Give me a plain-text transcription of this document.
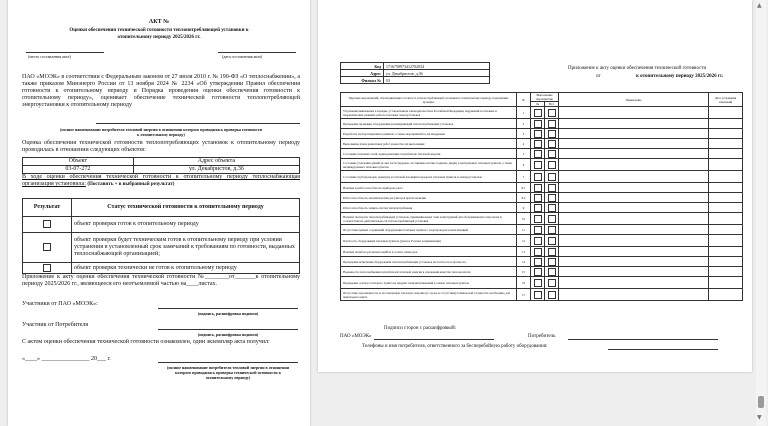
АКТ №
Оценки обеспечения технической готовности теплопотребляющей установки к
отопительному периоду 2025/2026 гг.
(место составления акта)	(дата составления акта)
ПАО «МОЭК» в соответствии с Федеральным законом от 27 июля 2010 г. № 190-ФЗ «О теплоснабжении», а также приказом Минэнерго России от 13 ноября 2024 № 2234 «Об утверждении Правил обеспечения готовности к отопительному периоду и Порядка проведения оценки обеспечения готовности к отопительному периоду», оценивает обеспечение технической готовности теплопотребляющей энергоустановки к отопительному периоду
(полное наименование потребителя тепловой энергии в отношении которого проводилась проверка готовности
к отопительному периоду)
Оценка обеспечения технической готовности теплопотребляющих установок к отопительному периоду проводилась в отношении следующих объектов:
Объект	Адрес объекта
03-07-272	ул. Декабристов, д.36
В ходе оценки обеспечения технической готовности к отопительному периоду теплоснабжающая организация установила: (Поставить + в выбранный результат)
Результат	Статус технической готовности к отопительному периоду
	объект проверки готов к отопительному периоду
	объект проверки будет техническим готов к отопительному периоду при условии устранения в установленный срок замечаний к требованиям по готовности, выданных теплоснабжающей организацией;
	объект проверки технически не готов к отопительному периоду
Приложение к акту оценки обеспечения технической готовности №________от_______к отопительному периоду 2025/2026 гг., являющееся его неотъемлемой частью на____листах.
Участники от ПАО «МОЭК»:
(подпись, расшифровка подписи)
Участник от Потребителя
(подпись, расшифровка подписи)
С актом оценки обеспечения технической готовности ознакомлен, один экземпляр акта получил:
«____» ________________ 20___ г.
(полное наименование потребителя тепловой энергии в отношении
которого проводилась проверка технической готовности к
отопительному периоду)
Код	1716758973412702034
Адрес	ул. Декабристов, д.36
Филиал №	03
Приложение к акту оценки обеспечения технической готовности
от	к отопительному периоду 2025/2026 гг.
Перечень мероприятий, обеспечивающих готовность теплопотребляющей установки к отопительному периоду, подлежащих проверке	№	Выполнение мероприятия		Примечание	Дата устранения замечаний
		Да	Нет		
Устранение выявленных в порядке, установленном законодательством Российской Федерации, нарушений в тепловых и гидравлических режимах работы тепловых энергоустановок	1				
Проведение промывки оборудования и коммуникаций теплопотребляющих установок	2				
Разработка эксплуатационных режимов, а также мероприятий по их внедрению	3				
Выполнение плана ремонтных работ и качество их выполнения	4				
Состояние тепловых сетей, принадлежащих потребителю тепловой энергии	5				
Состояние утепления зданий (и они части чердаков, лестничные клетки, подвалы, двери) и центральных тепловых пунктов, а также индивидуальных тепловых пунктов	6				
Состояние трубопроводов, арматуры и тепловой изоляции в пределах тепловых пунктов и электроустановок	7				
Наличие и работоспособность приборов учета	8.1				
Работоспособность автоматических регуляторов при их наличии	8.2				
Работоспособность защиты систем теплопотребления	9				
Наличие паспортов теплопотребляющих установок, принципиальных схем и инструкций для обслуживающего персонала и соответствие их действительности теплопотребляющей установки	10				
Отсутствие прямых соединений оборудования тепловых пунктов с водопроводом и канализацией	11				
Плотность оборудования тепловых пунктов (указать Р испыт и применения)	12				
Наличие пломб на расчетных шайбах и соплах элеваторов	13				
Проведение испытания оборудования теплопотребляющих установок на плотность и прочность	14				
Надежность теплоснабжения потребителей тепловой энергии в отношении качества теплоносителя	15				
Проведение осмотра теплового пункта на предмет наличия изменений в схемах тепловых пунктов	16				
Отсутствие задолженности за поставленную тепловую энергию (в случае ее отсутствия) технической готовности, необходимо для пешеходного цвета	17				
Подписи сторон с расшифровкой:
ПАО «МОЭК»	Потребитель
Телефоны и имя потребителя, ответственного за бесперебойную работу оборудования:
▲
▼
